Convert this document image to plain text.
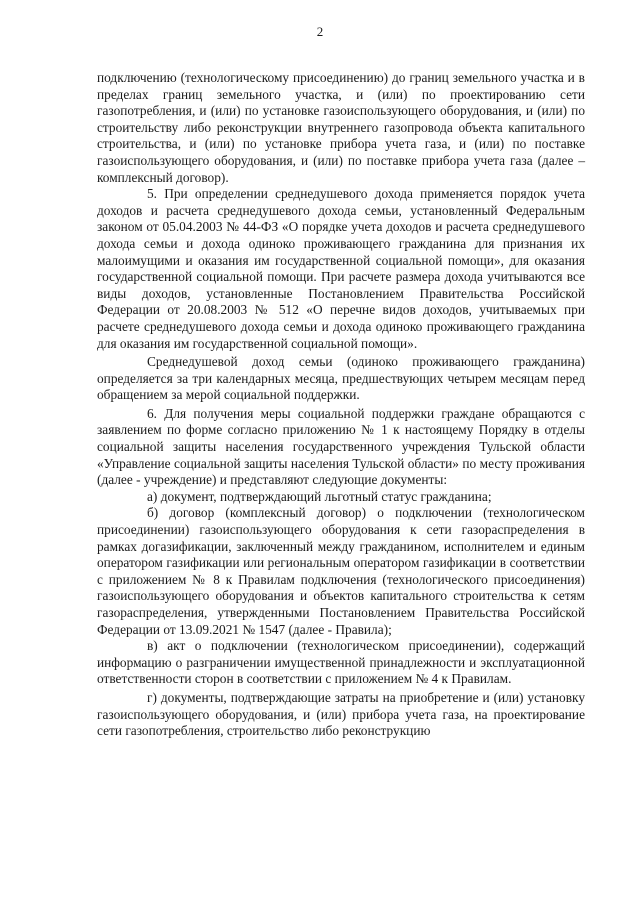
2

подключению (технологическому присоединению) до границ земельного участка и в пределах границ земельного участка, и (или) по проектированию сети газопотребления, и (или) по установке газоиспользующего оборудования, и (или) по строительству либо реконструкции внутреннего газопровода объекта капитального строительства, и (или) по установке прибора учета газа, и (или) по поставке газоиспользующего оборудования, и (или) по поставке прибора учета газа (далее – комплексный договор).

5. При определении среднедушевого дохода применяется порядок учета доходов и расчета среднедушевого дохода семьи, установленный Федеральным законом от 05.04.2003 № 44-ФЗ «О порядке учета доходов и расчета среднедушевого дохода семьи и дохода одиноко проживающего гражданина для признания их малоимущими и оказания им государственной социальной помощи», для оказания государственной социальной помощи. При расчете размера дохода учитываются все виды доходов, установленные Постановлением Правительства Российской Федерации от 20.08.2003 № 512 «О перечне видов доходов, учитываемых при расчете среднедушевого дохода семьи и дохода одиноко проживающего гражданина для оказания им государственной социальной помощи».

Среднедушевой доход семьи (одиноко проживающего гражданина) определяется за три календарных месяца, предшествующих четырем месяцам перед обращением за мерой социальной поддержки.

6. Для получения меры социальной поддержки граждане обращаются с заявлением по форме согласно приложению № 1 к настоящему Порядку в отделы социальной защиты населения государственного учреждения Тульской области «Управление социальной защиты населения Тульской области» по месту проживания (далее - учреждение) и представляют следующие документы:

а) документ, подтверждающий льготный статус гражданина;

б) договор (комплексный договор) о подключении (технологическом присоединении) газоиспользующего оборудования к сети газораспределения в рамках догазификации, заключенный между гражданином, исполнителем и единым оператором газификации или региональным оператором газификации в соответствии с приложением № 8 к Правилам подключения (технологического присоединения) газоиспользующего оборудования и объектов капитального строительства к сетям газораспределения, утвержденными Постановлением Правительства Российской Федерации от 13.09.2021 № 1547 (далее - Правила);

в) акт о подключении (технологическом присоединении), содержащий информацию о разграничении имущественной принадлежности и эксплуатационной ответственности сторон в соответствии с приложением № 4 к Правилам.

г) документы, подтверждающие затраты на приобретение и (или) установку газоиспользующего оборудования, и (или) прибора учета газа, на проектирование сети газопотребления, строительство либо реконструкцию
